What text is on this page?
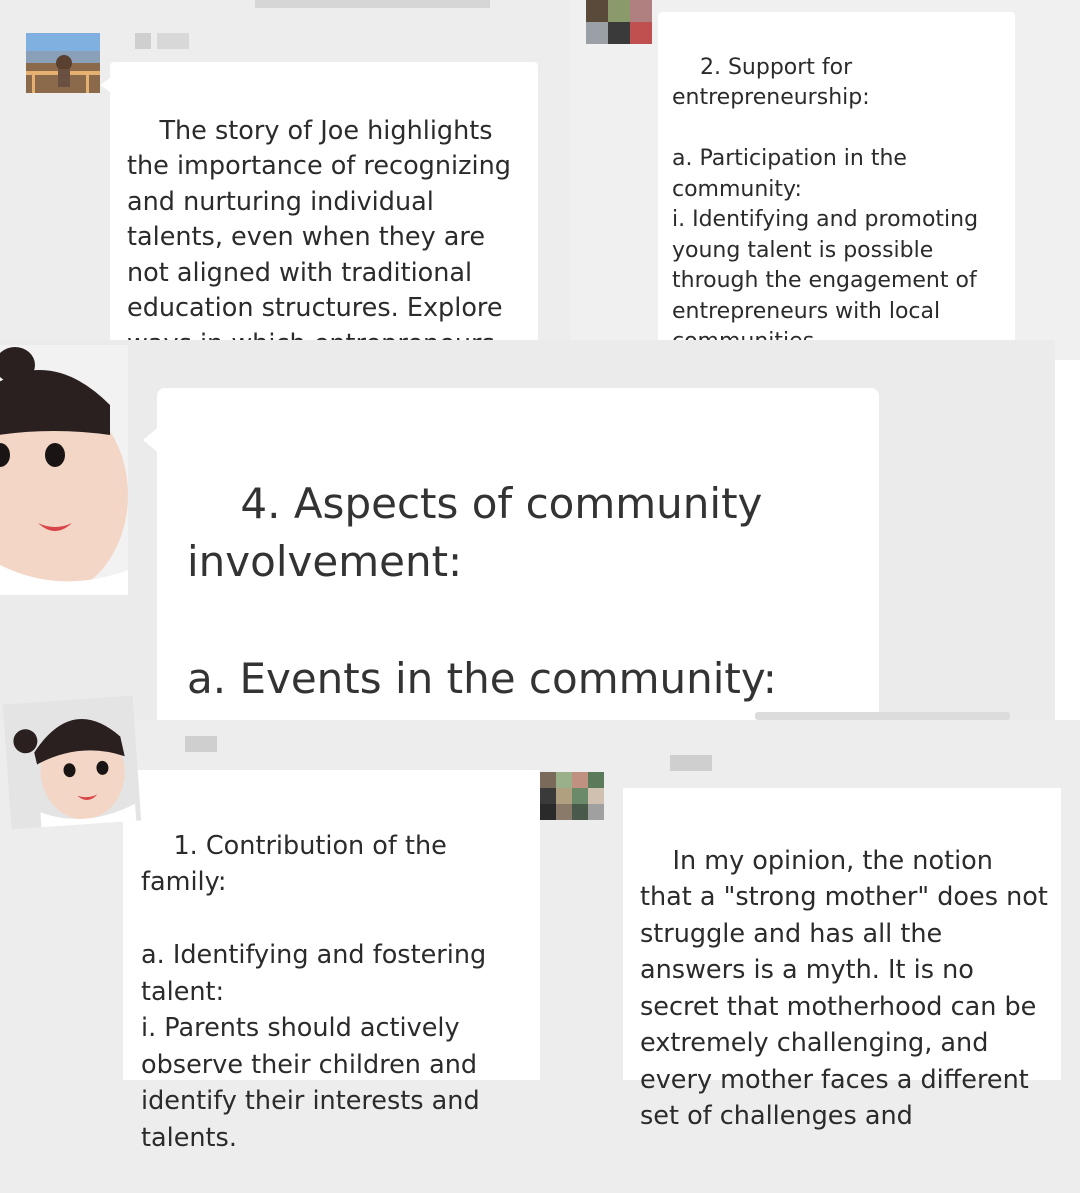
The story of Joe highlights the importance of recognizing and nurturing individual talents, even when they are not aligned with traditional education structures. Explore

2. Support for
entrepreneurship:

a. Participation in the
community:
i. Identifying and promoting
young talent is possible
through the engagement of
entrepreneurs with local

4. Aspects of community
involvement:

a. Events in the community:

1. Contribution of the family:

a. Identifying and fostering
talent:
i. Parents should actively
observe their children and
identify their interests and
talents.

In my opinion, the notion that a "strong mother" does not struggle and has all the answers is a myth. It is no secret that motherhood can be extremely challenging, and every mother faces a different set of challenges and
